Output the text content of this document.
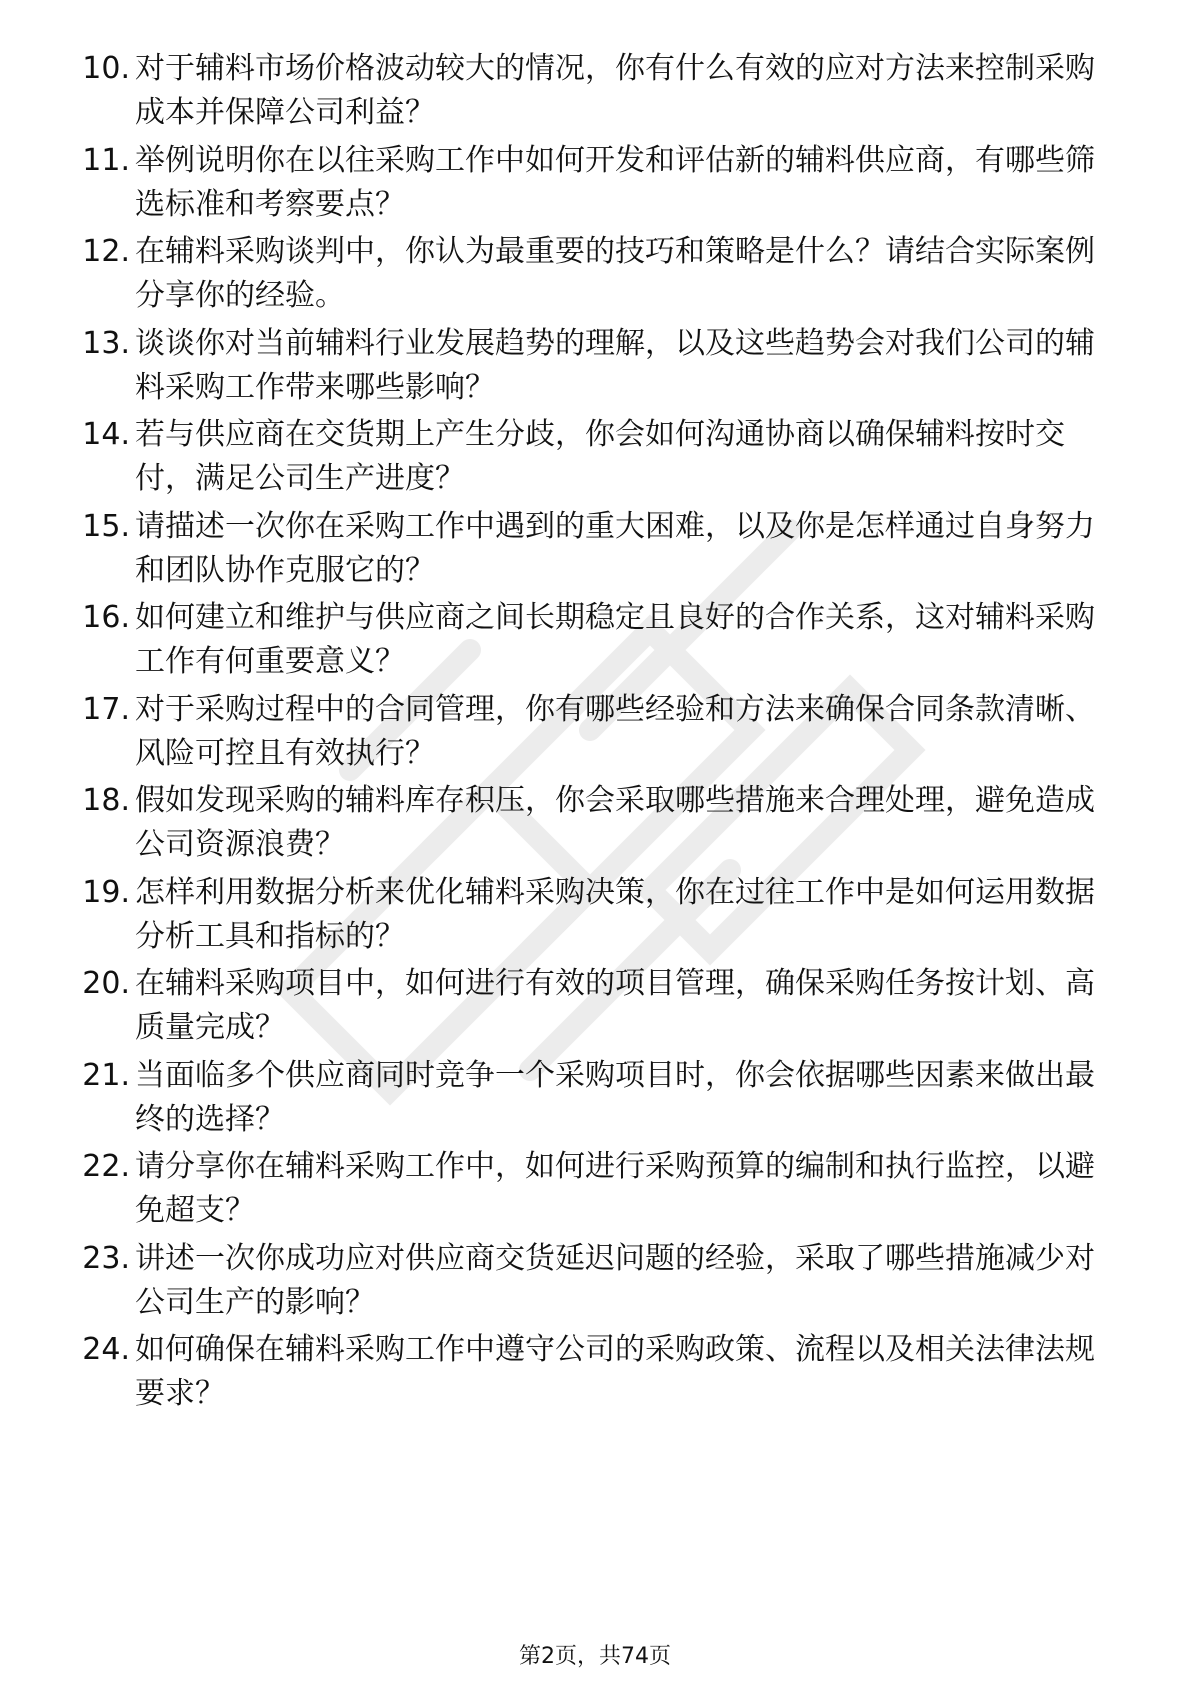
10. 对于辅料市场价格波动较大的情况，你有什么有效的应对方法来控制采购成本并保障公司利益？
11. 举例说明你在以往采购工作中如何开发和评估新的辅料供应商，有哪些筛选标准和考察要点？
12. 在辅料采购谈判中，你认为最重要的技巧和策略是什么？请结合实际案例分享你的经验。
13. 谈谈你对当前辅料行业发展趋势的理解，以及这些趋势会对我们公司的辅料采购工作带来哪些影响？
14. 若与供应商在交货期上产生分歧，你会如何沟通协商以确保辅料按时交付，满足公司生产进度？
15. 请描述一次你在采购工作中遇到的重大困难，以及你是怎样通过自身努力和团队协作克服它的？
16. 如何建立和维护与供应商之间长期稳定且良好的合作关系，这对辅料采购工作有何重要意义？
17. 对于采购过程中的合同管理，你有哪些经验和方法来确保合同条款清晰、风险可控且有效执行？
18. 假如发现采购的辅料库存积压，你会采取哪些措施来合理处理，避免造成公司资源浪费？
19. 怎样利用数据分析来优化辅料采购决策，你在过往工作中是如何运用数据分析工具和指标的？
20. 在辅料采购项目中，如何进行有效的项目管理，确保采购任务按计划、高质量完成？
21. 当面临多个供应商同时竞争一个采购项目时，你会依据哪些因素来做出最终的选择？
22. 请分享你在辅料采购工作中，如何进行采购预算的编制和执行监控，以避免超支？
23. 讲述一次你成功应对供应商交货延迟问题的经验，采取了哪些措施减少对公司生产的影响？
24. 如何确保在辅料采购工作中遵守公司的采购政策、流程以及相关法律法规要求？
第2页，共74页
